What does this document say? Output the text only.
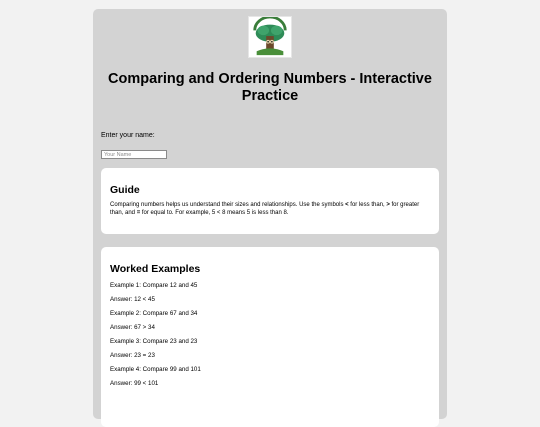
Comparing and Ordering Numbers - Interactive Practice
Enter your name:
Your Name
Guide

Comparing numbers helps us understand their sizes and relationships. Use the symbols < for less than, > for greater than, and = for equal to. For example, 5 < 8 means 5 is less than 8.

Worked Examples
Example 1: Compare 12 and 45
Answer: 12 < 45
Example 2: Compare 67 and 34
Answer: 67 > 34
Example 3: Compare 23 and 23
Answer: 23 = 23
Example 4: Compare 99 and 101
Answer: 99 < 101
